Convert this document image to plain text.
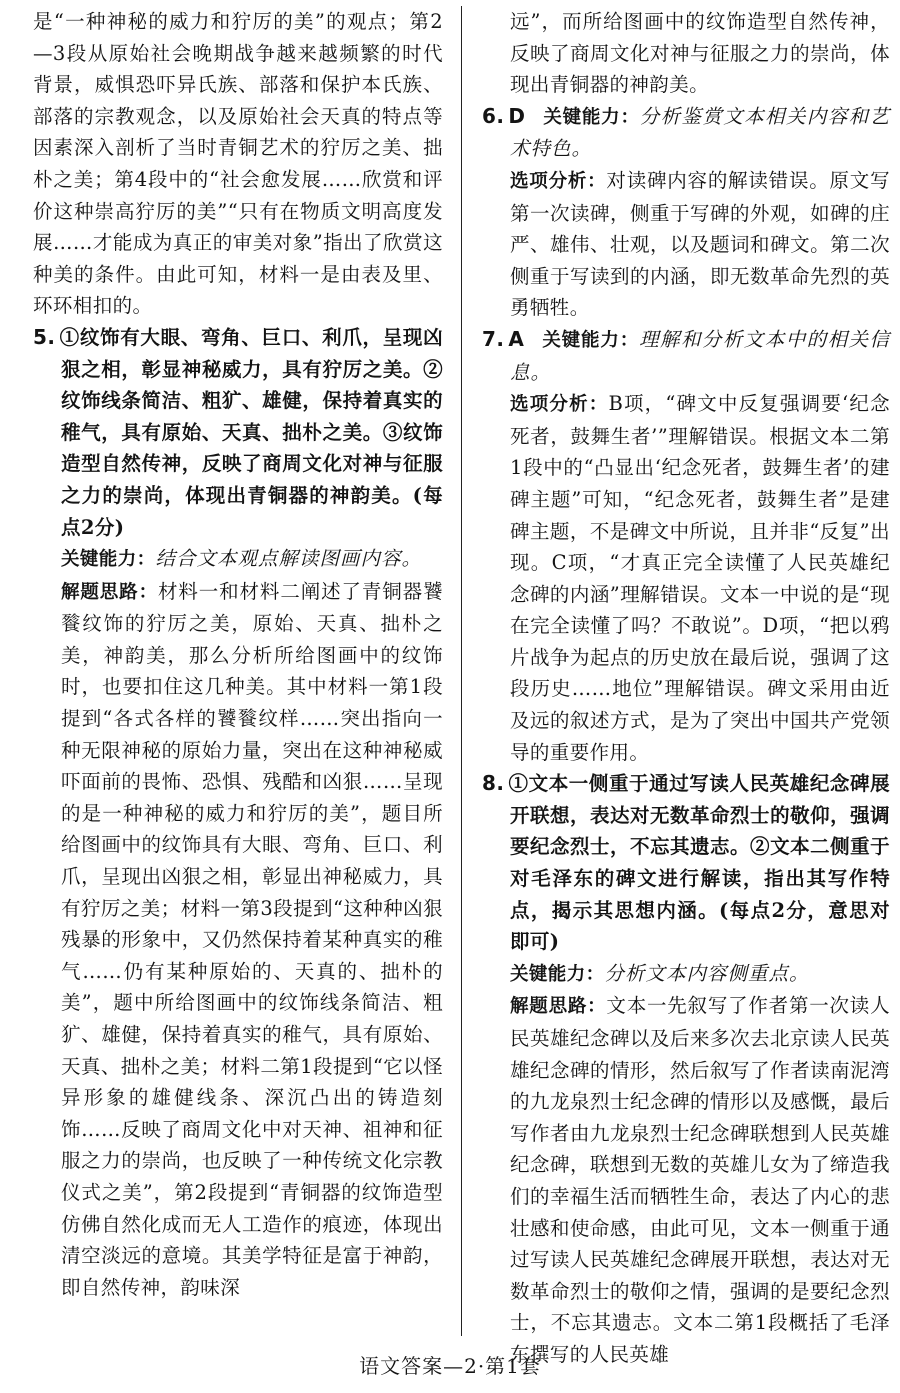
是“一种神秘的威力和狞厉的美”的观点；第2—3段从原始社会晚期战争越来越频繁的时代背景，威惧恐吓异氏族、部落和保护本氏族、部落的宗教观念，以及原始社会天真的特点等因素深入剖析了当时青铜艺术的狞厉之美、拙朴之美；第4段中的“社会愈发展……欣赏和评价这种崇高狞厉的美”“只有在物质文明高度发展……才能成为真正的审美对象”指出了欣赏这种美的条件。由此可知，材料一是由表及里、环环相扣的。

5. ①纹饰有大眼、弯角、巨口、利爪，呈现凶狠之相，彰显神秘威力，具有狞厉之美。②纹饰线条简洁、粗犷、雄健，保持着真实的稚气，具有原始、天真、拙朴之美。③纹饰造型自然传神，反映了商周文化对神与征服之力的崇尚，体现出青铜器的神韵美。(每点2分)
关键能力：结合文本观点解读图画内容。
解题思路：材料一和材料二阐述了青铜器饕餮纹饰的狞厉之美，原始、天真、拙朴之美，神韵美，那么分析所给图画中的纹饰时，也要扣住这几种美。其中材料一第1段提到“各式各样的饕餮纹样……突出指向一种无限神秘的原始力量，突出在这种神秘威吓面前的畏怖、恐惧、残酷和凶狠……呈现的是一种神秘的威力和狞厉的美”，题目所给图画中的纹饰具有大眼、弯角、巨口、利爪，呈现出凶狠之相，彰显出神秘威力，具有狞厉之美；材料一第3段提到“这种种凶狠残暴的形象中，又仍然保持着某种真实的稚气……仍有某种原始的、天真的、拙朴的美”，题中所给图画中的纹饰线条简洁、粗犷、雄健，保持着真实的稚气，具有原始、天真、拙朴之美；材料二第1段提到“它以怪异形象的雄健线条、深沉凸出的铸造刻饰……反映了商周文化中对天神、祖神和征服之力的崇尚，也反映了一种传统文化宗教仪式之美”，第2段提到“青铜器的纹饰造型仿佛自然化成而无人工造作的痕迹，体现出清空淡远的意境。其美学特征是富于神韵，即自然传神，韵味深
远”，而所给图画中的纹饰造型自然传神，反映了商周文化对神与征服之力的崇尚，体现出青铜器的神韵美。
6. D 关键能力：分析鉴赏文本相关内容和艺术特色。
选项分析：对读碑内容的解读错误。原文写第一次读碑，侧重于写碑的外观，如碑的庄严、雄伟、壮观，以及题词和碑文。第二次侧重于写读到的内涵，即无数革命先烈的英勇牺牲。
7. A 关键能力：理解和分析文本中的相关信息。
选项分析：B项，“碑文中反复强调要‘纪念死者，鼓舞生者’”理解错误。根据文本二第1段中的“凸显出‘纪念死者，鼓舞生者’的建碑主题”可知，“纪念死者，鼓舞生者”是建碑主题，不是碑文中所说，且并非“反复”出现。C项，“才真正完全读懂了人民英雄纪念碑的内涵”理解错误。文本一中说的是“现在完全读懂了吗？不敢说”。D项，“把以鸦片战争为起点的历史放在最后说，强调了这段历史……地位”理解错误。碑文采用由近及远的叙述方式，是为了突出中国共产党领导的重要作用。
8. ①文本一侧重于通过写读人民英雄纪念碑展开联想，表达对无数革命烈士的敬仰，强调要纪念烈士，不忘其遗志。②文本二侧重于对毛泽东的碑文进行解读，指出其写作特点，揭示其思想内涵。(每点2分，意思对即可)
关键能力：分析文本内容侧重点。
解题思路：文本一先叙写了作者第一次读人民英雄纪念碑以及后来多次去北京读人民英雄纪念碑的情形，然后叙写了作者读南泥湾的九龙泉烈士纪念碑的情形以及感慨，最后写作者由九龙泉烈士纪念碑联想到人民英雄纪念碑，联想到无数的英雄儿女为了缔造我们的幸福生活而牺牲生命，表达了内心的悲壮感和使命感，由此可见，文本一侧重于通过写读人民英雄纪念碑展开联想，表达对无数革命烈士的敬仰之情，强调的是要纪念烈士，不忘其遗志。文本二第1段概括了毛泽东撰写的人民英雄
语文答案—2·第1套
